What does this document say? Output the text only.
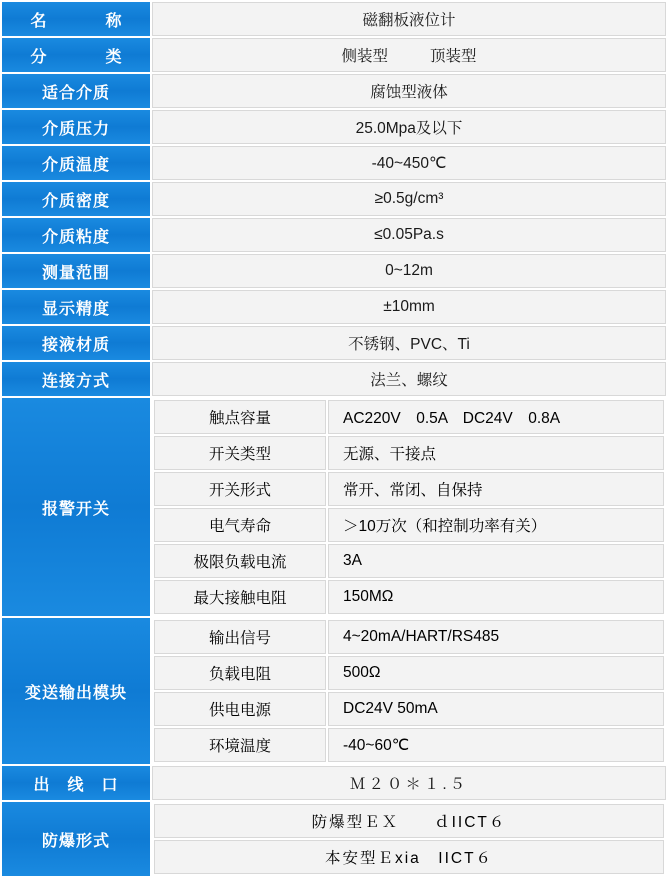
名　　称	磁翻板液位计
分　　类	侧装型	顶装型

适合介质	腐蚀型液体
介质压力	25.0Mpa及以下
介质温度	-40~450℃
介质密度	≥0.5g/cm³
介质粘度	≤0.05Pa.s
测量范围	0~12m
显示精度	±10mm
接液材质	不锈钢、PVC、Ti
连接方式	法兰、螺纹
报警开关	
触点容量	AC220V　0.5A　DC24V　0.8A
开关类型	无源、干接点
开关形式	常开、常闭、自保持
电气寿命	＞10万次（和控制功率有关）
极限负载电流	3A
最大接触电阻	150MΩ

变送输出模块	
输出信号	4~20mA/HART/RS485
负载电阻	500Ω
供电电源	DC24V 50mA
环境温度	-40~60℃

出　线　口	Ｍ２０＊１.５
防爆形式	
防爆型ＥＸ　　ｄIICT６
本安型Ｅxia　IICT６
